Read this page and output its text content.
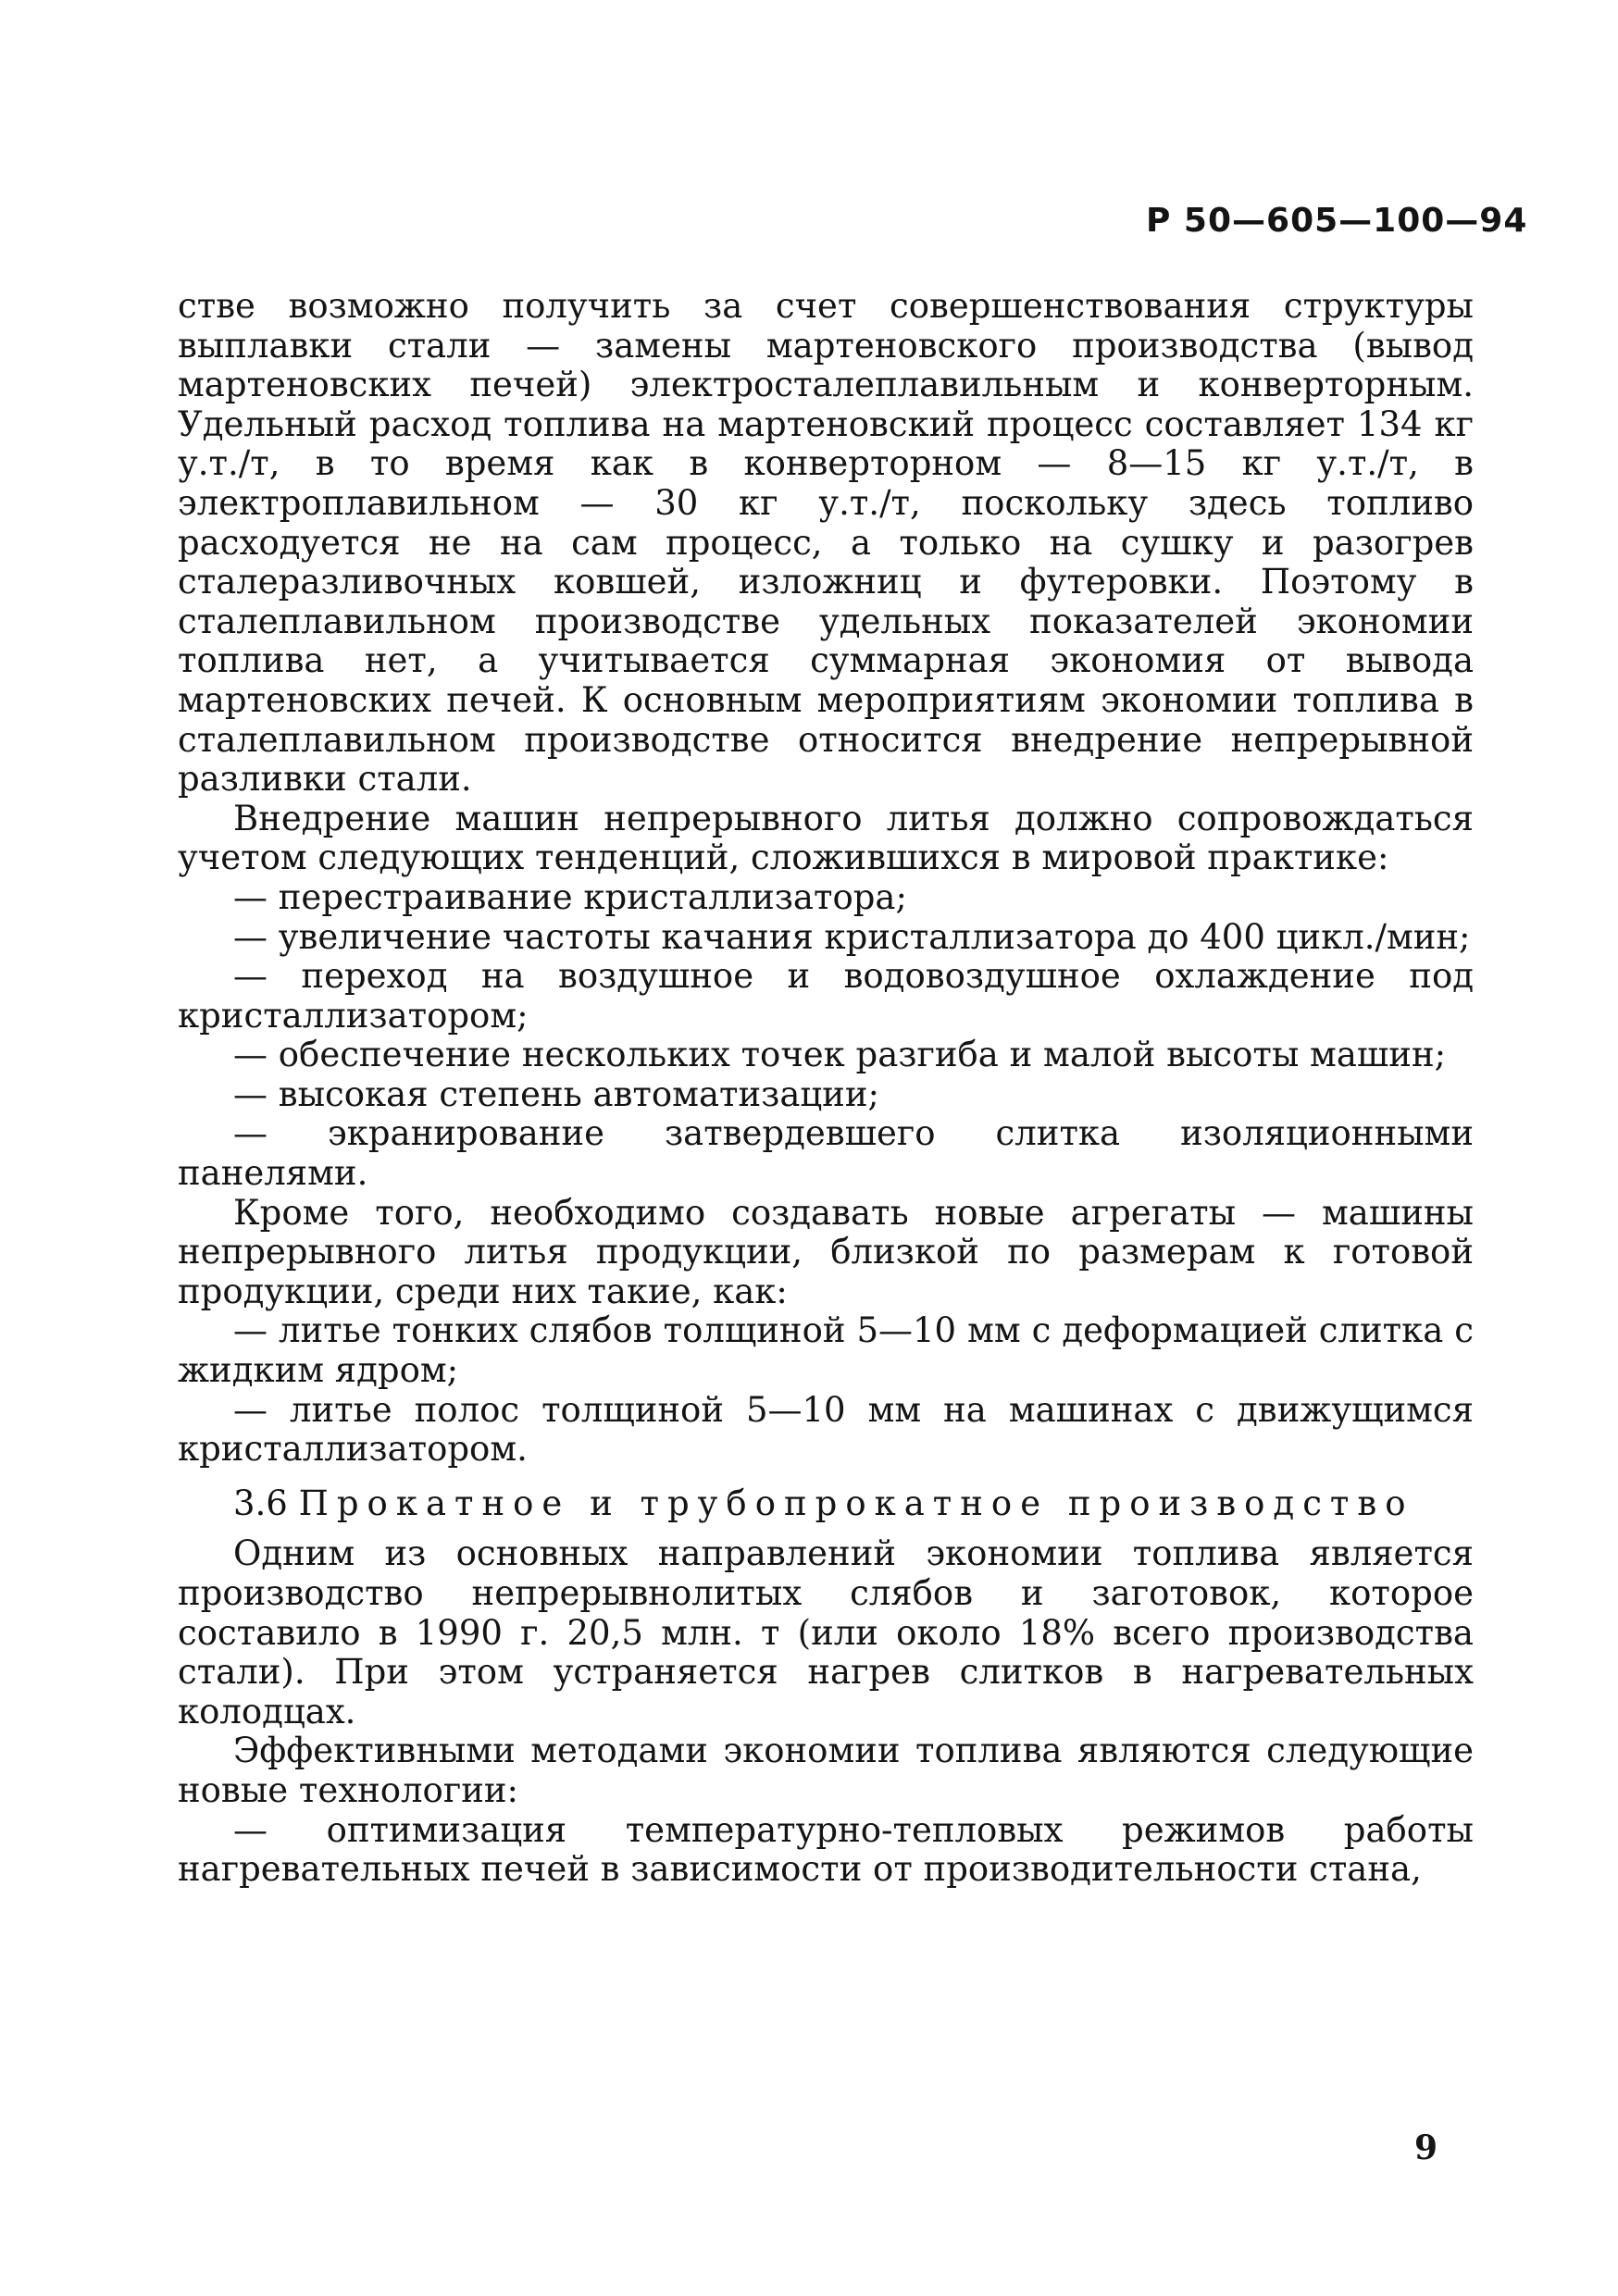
Р 50—605—100—94

стве возможно получить за счет совершенствования структуры выплавки стали — замены мартеновского производства (вывод мартеновских печей) электросталеплавильным и конверторным. Удельный расход топлива на мартеновский процесс составляет 134 кг у.т./т, в то время как в конверторном — 8—15 кг у.т./т, в электроплавильном — 30 кг у.т./т, поскольку здесь топливо расходуется не на сам процесс, а только на сушку и разогрев сталеразливочных ковшей, изложниц и футеровки. Поэтому в сталеплавильном производстве удельных показателей экономии топлива нет, а учитывается суммарная экономия от вывода мартеновских печей. К основным мероприятиям экономии топлива в сталеплавильном производстве относится внедрение непрерывной разливки стали.

Внедрение машин непрерывного литья должно сопровождаться учетом следующих тенденций, сложившихся в мировой практике:

— перестраивание кристаллизатора;

— увеличение частоты качания кристаллизатора до 400 цикл./мин;

— переход на воздушное и водовоздушное охлаждение под кристаллизатором;

— обеспечение нескольких точек разгиба и малой высоты машин;

— высокая степень автоматизации;

— экранирование затвердевшего слитка изоляционными панелями.

Кроме того, необходимо создавать новые агрегаты — машины непрерывного литья продукции, близкой по размерам к готовой продукции, среди них такие, как:

— литье тонких слябов толщиной 5—10 мм с деформацией слитка с жидким ядром;

— литье полос толщиной 5—10 мм на машинах с движущимся кристаллизатором.

3.6 Прокатное и трубопрокатное производство

Одним из основных направлений экономии топлива является производство непрерывнолитых слябов и заготовок, которое составило в 1990 г. 20,5 млн. т (или около 18% всего производства стали). При этом устраняется нагрев слитков в нагревательных колодцах.

Эффективными методами экономии топлива являются следующие новые технологии:

— оптимизация температурно-тепловых режимов работы нагревательных печей в зависимости от производительности стана,

9
